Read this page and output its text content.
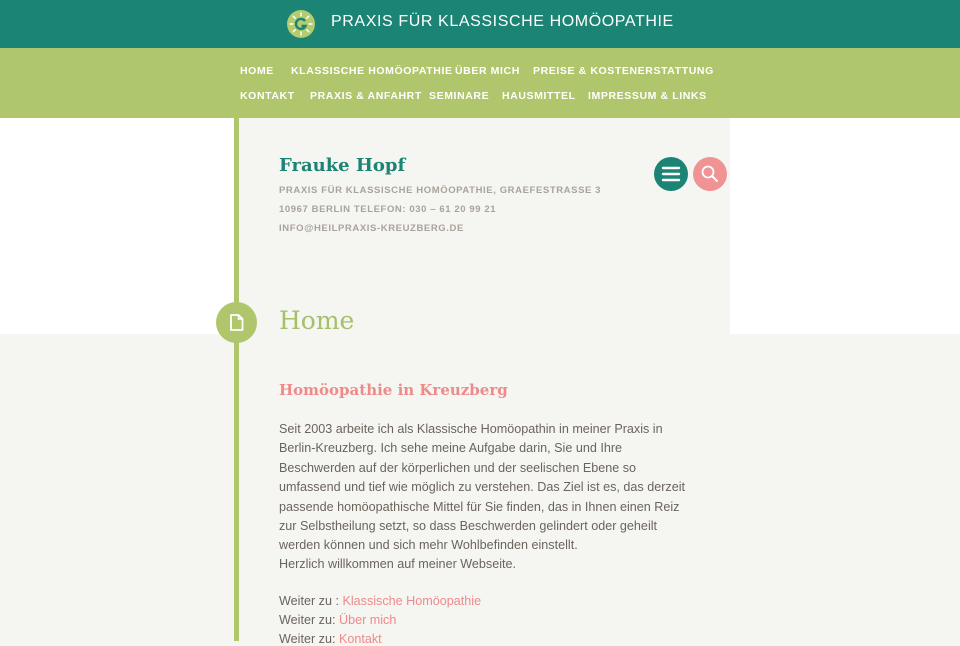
PRAXIS FÜR KLASSISCHE HOMÖOPATHIE
HOME KLASSISCHE HOMÖOPATHIE ÜBER MICH PREISE & KOSTENERSTATTUNG
KONTAKT PRAXIS & ANFAHRT SEMINARE HAUSMITTEL IMPRESSUM & LINKS
Frauke Hopf
PRAXIS FÜR KLASSISCHE HOMÖOPATHIE, GRAEFESTRASSE 3
10967 BERLIN TELEFON: 030 – 61 20 99 21
INFO@HEILPRAXIS-KREUZBERG.DE
Home
Homöopathie in Kreuzberg
Seit 2003 arbeite ich als Klassische Homöopathin in meiner Praxis in Berlin-Kreuzberg. Ich sehe meine Aufgabe darin, Sie und Ihre Beschwerden auf der körperlichen und der seelischen Ebene so umfassend und tief wie möglich zu verstehen. Das Ziel ist es, das derzeit passende homöopathische Mittel für Sie finden, das in Ihnen einen Reiz zur Selbstheilung setzt, so dass Beschwerden gelindert oder geheilt werden können und sich mehr Wohlbefinden einstellt.
Herzlich willkommen auf meiner Webseite.
Weiter zu : Klassische Homöopathie
Weiter zu: Über mich
Weiter zu: Kontakt
